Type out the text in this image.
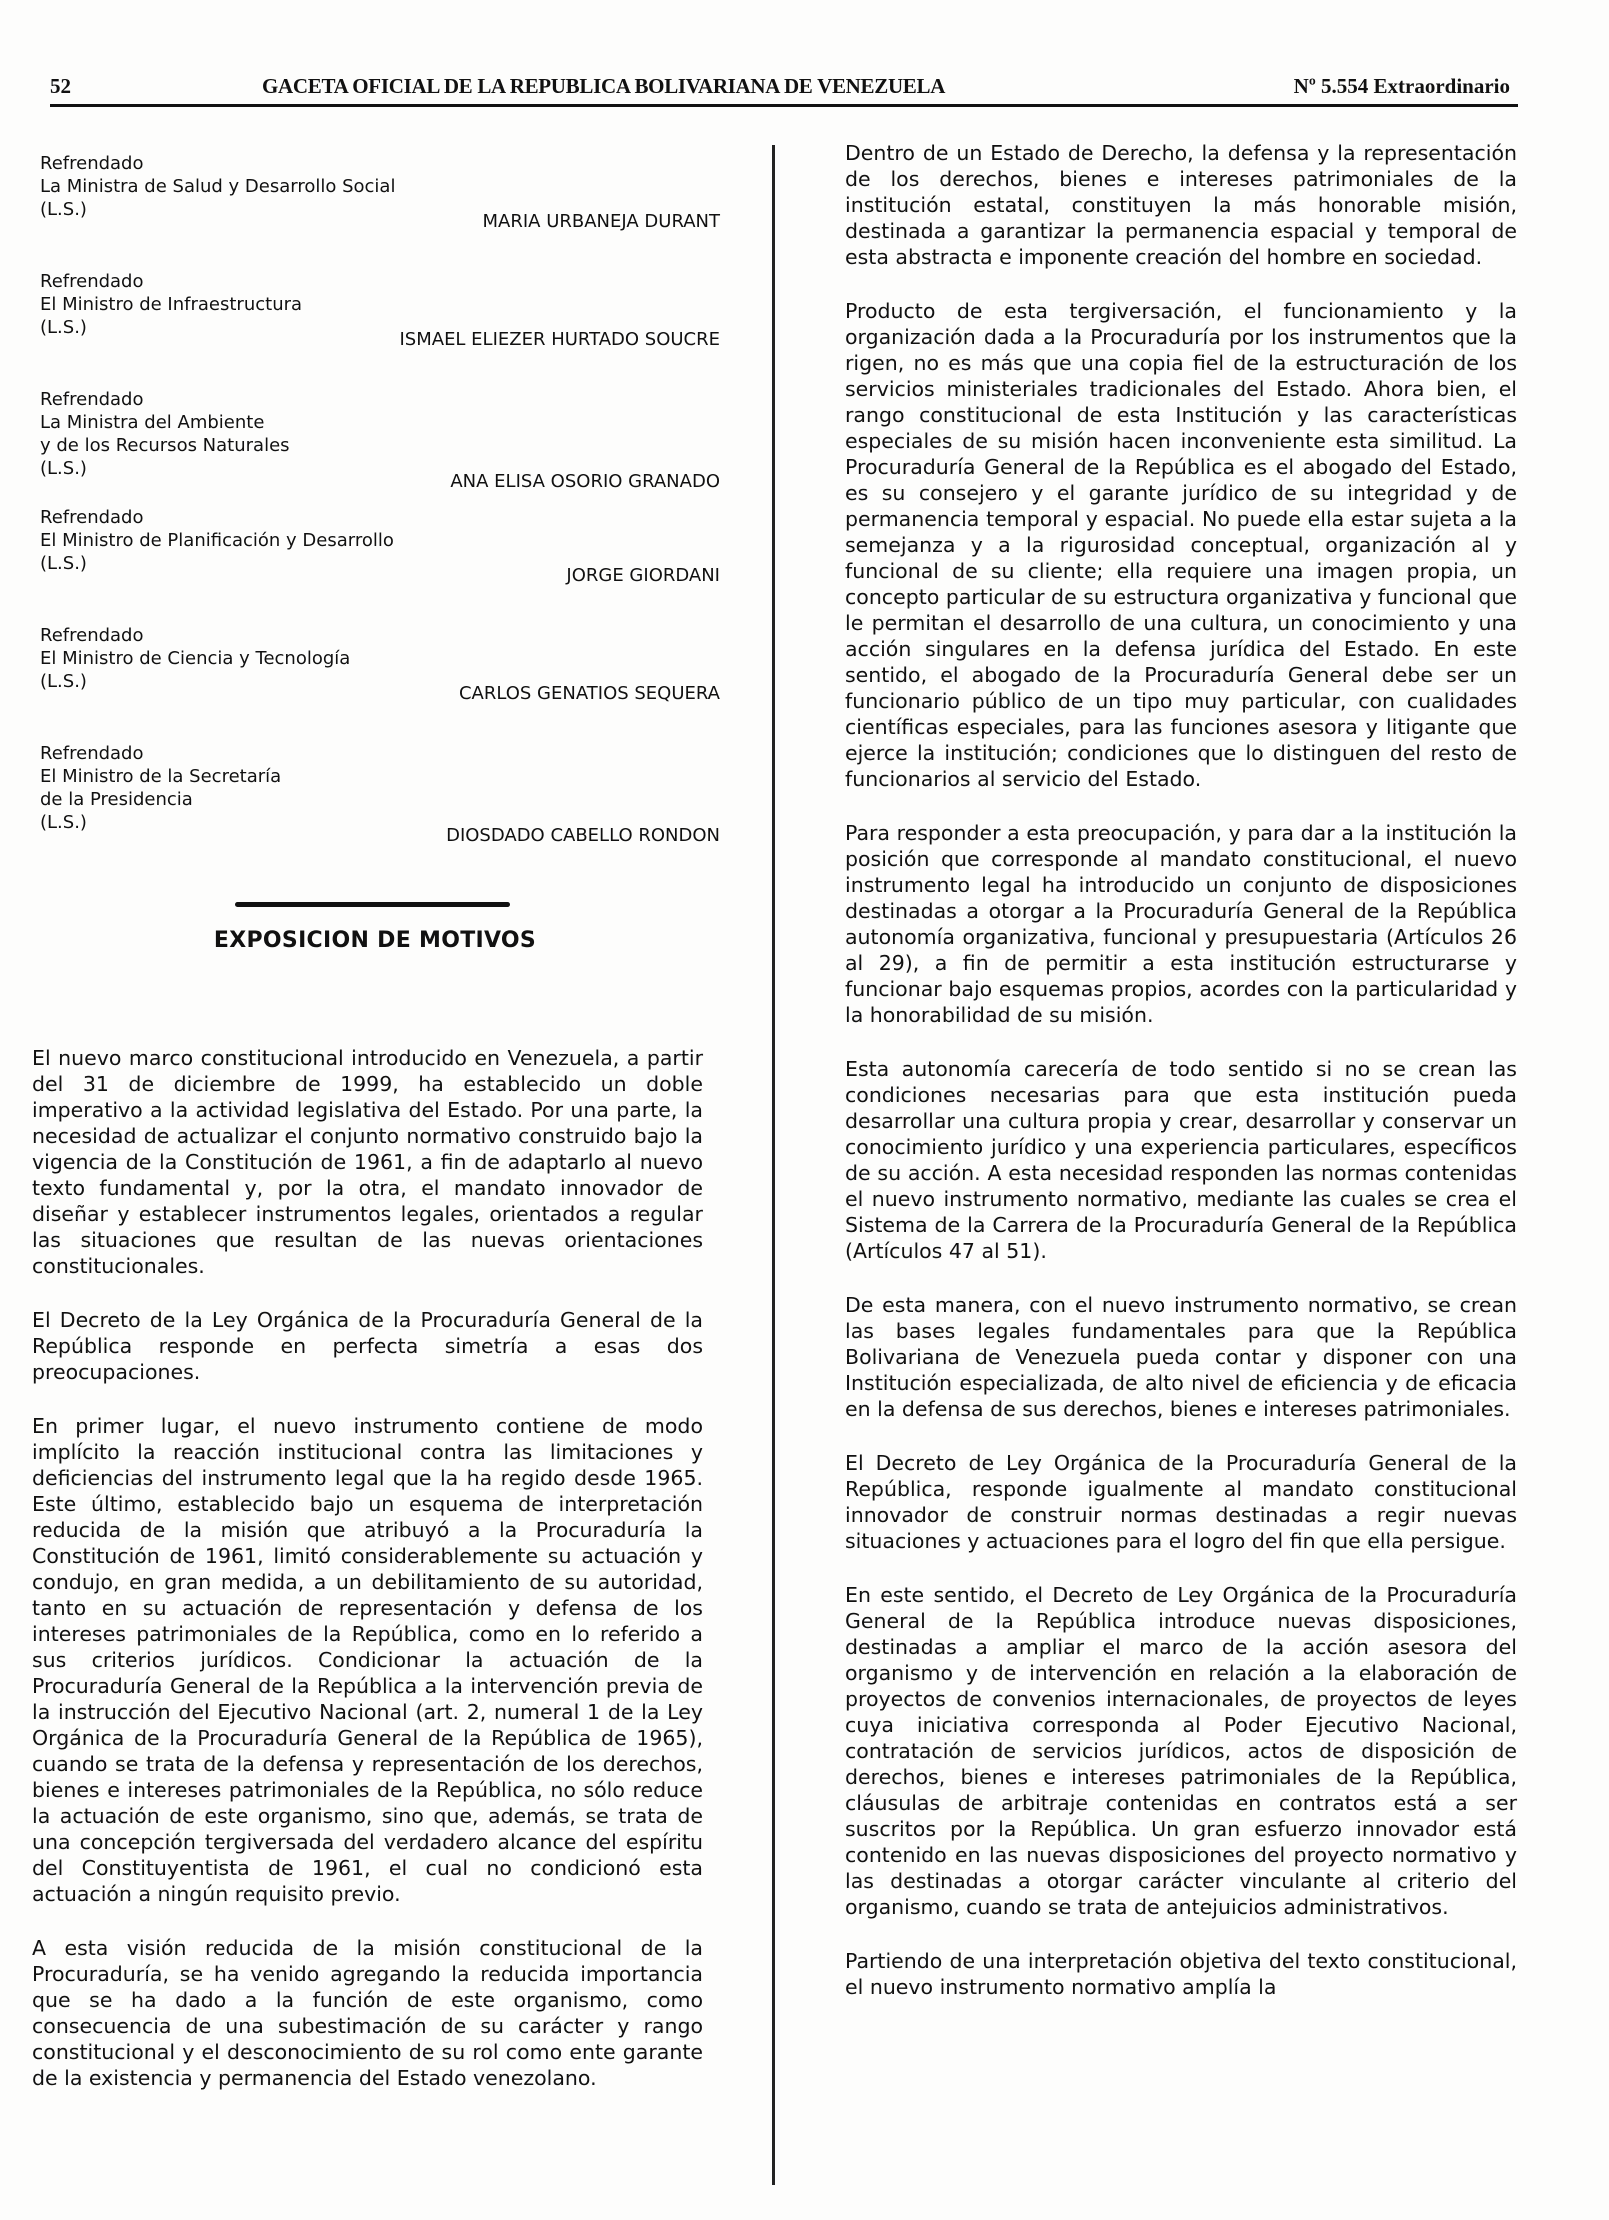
52	GACETA OFICIAL DE LA REPUBLICA BOLIVARIANA DE VENEZUELA	Nº 5.554 Extraordinario
Refrendado
La Ministra de Salud y Desarrollo Social
(L.S.)
MARIA URBANEJA DURANT
Refrendado
El Ministro de Infraestructura
(L.S.)
ISMAEL ELIEZER HURTADO SOUCRE
Refrendado
La Ministra del Ambiente
y de los Recursos Naturales
(L.S.)
ANA ELISA OSORIO GRANADO
Refrendado
El Ministro de Planificación y Desarrollo
(L.S.)
JORGE GIORDANI
Refrendado
El Ministro de Ciencia y Tecnología
(L.S.)
CARLOS GENATIOS SEQUERA
Refrendado
El Ministro de la Secretaría
de la Presidencia
(L.S.)
DIOSDADO CABELLO RONDON
EXPOSICION DE MOTIVOS

El nuevo marco constitucional introducido en Venezuela, a partir del 31 de diciembre de 1999, ha establecido un doble imperativo a la actividad legislativa del Estado. Por una parte, la necesidad de actualizar el conjunto normativo construido bajo la vigencia de la Constitución de 1961, a fin de adaptarlo al nuevo texto fundamental y, por la otra, el mandato innovador de diseñar y establecer instrumentos legales, orientados a regular las situaciones que resultan de las nuevas orientaciones constitucionales.

El Decreto de la Ley Orgánica de la Procuraduría General de la República responde en perfecta simetría a esas dos preocupaciones.

En primer lugar, el nuevo instrumento contiene de modo implícito la reacción institucional contra las limitaciones y deficiencias del instrumento legal que la ha regido desde 1965. Este último, establecido bajo un esquema de interpretación reducida de la misión que atribuyó a la Procuraduría la Constitución de 1961, limitó considerablemente su actuación y condujo, en gran medida, a un debilitamiento de su autoridad, tanto en su actuación de representación y defensa de los intereses patrimoniales de la República, como en lo referido a sus criterios jurídicos. Condicionar la actuación de la Procuraduría General de la República a la intervención previa de la instrucción del Ejecutivo Nacional (art. 2, numeral 1 de la Ley Orgánica de la Procuraduría General de la República de 1965), cuando se trata de la defensa y representación de los derechos, bienes e intereses patrimoniales de la República, no sólo reduce la actuación de este organismo, sino que, además, se trata de una concepción tergiversada del verdadero alcance del espíritu del Constituyentista de 1961, el cual no condicionó esta actuación a ningún requisito previo.

A esta visión reducida de la misión constitucional de la Procuraduría, se ha venido agregando la reducida importancia que se ha dado a la función de este organismo, como consecuencia de una subestimación de su carácter y rango constitucional y el desconocimiento de su rol como ente garante de la existencia y permanencia del Estado venezolano.

Dentro de un Estado de Derecho, la defensa y la representación de los derechos, bienes e intereses patrimoniales de la institución estatal, constituyen la más honorable misión, destinada a garantizar la permanencia espacial y temporal de esta abstracta e imponente creación del hombre en sociedad.

Producto de esta tergiversación, el funcionamiento y la organización dada a la Procuraduría por los instrumentos que la rigen, no es más que una copia fiel de la estructuración de los servicios ministeriales tradicionales del Estado. Ahora bien, el rango constitucional de esta Institución y las características especiales de su misión hacen inconveniente esta similitud. La Procuraduría General de la República es el abogado del Estado, es su consejero y el garante jurídico de su integridad y de permanencia temporal y espacial. No puede ella estar sujeta a la semejanza y a la rigurosidad conceptual, organización al y funcional de su cliente; ella requiere una imagen propia, un concepto particular de su estructura organizativa y funcional que le permitan el desarrollo de una cultura, un conocimiento y una acción singulares en la defensa jurídica del Estado. En este sentido, el abogado de la Procuraduría General debe ser un funcionario público de un tipo muy particular, con cualidades científicas especiales, para las funciones asesora y litigante que ejerce la institución; condiciones que lo distinguen del resto de funcionarios al servicio del Estado.

Para responder a esta preocupación, y para dar a la institución la posición que corresponde al mandato constitucional, el nuevo instrumento legal ha introducido un conjunto de disposiciones destinadas a otorgar a la Procuraduría General de la República autonomía organizativa, funcional y presupuestaria (Artículos 26 al 29), a fin de permitir a esta institución estructurarse y funcionar bajo esquemas propios, acordes con la particularidad y la honorabilidad de su misión.

Esta autonomía carecería de todo sentido si no se crean las condiciones necesarias para que esta institución pueda desarrollar una cultura propia y crear, desarrollar y conservar un conocimiento jurídico y una experiencia particulares, específicos de su acción. A esta necesidad responden las normas contenidas el nuevo instrumento normativo, mediante las cuales se crea el Sistema de la Carrera de la Procuraduría General de la República (Artículos 47 al 51).

De esta manera, con el nuevo instrumento normativo, se crean las bases legales fundamentales para que la República Bolivariana de Venezuela pueda contar y disponer con una Institución especializada, de alto nivel de eficiencia y de eficacia en la defensa de sus derechos, bienes e intereses patrimoniales.

El Decreto de Ley Orgánica de la Procuraduría General de la República, responde igualmente al mandato constitucional innovador de construir normas destinadas a regir nuevas situaciones y actuaciones para el logro del fin que ella persigue.

En este sentido, el Decreto de Ley Orgánica de la Procuraduría General de la República introduce nuevas disposiciones, destinadas a ampliar el marco de la acción asesora del organismo y de intervención en relación a la elaboración de proyectos de convenios internacionales, de proyectos de leyes cuya iniciativa corresponda al Poder Ejecutivo Nacional, contratación de servicios jurídicos, actos de disposición de derechos, bienes e intereses patrimoniales de la República, cláusulas de arbitraje contenidas en contratos está a ser suscritos por la República. Un gran esfuerzo innovador está contenido en las nuevas disposiciones del proyecto normativo y las destinadas a otorgar carácter vinculante al criterio del organismo, cuando se trata de antejuicios administrativos.

Partiendo de una interpretación objetiva del texto constitucional, el nuevo instrumento normativo amplía la
